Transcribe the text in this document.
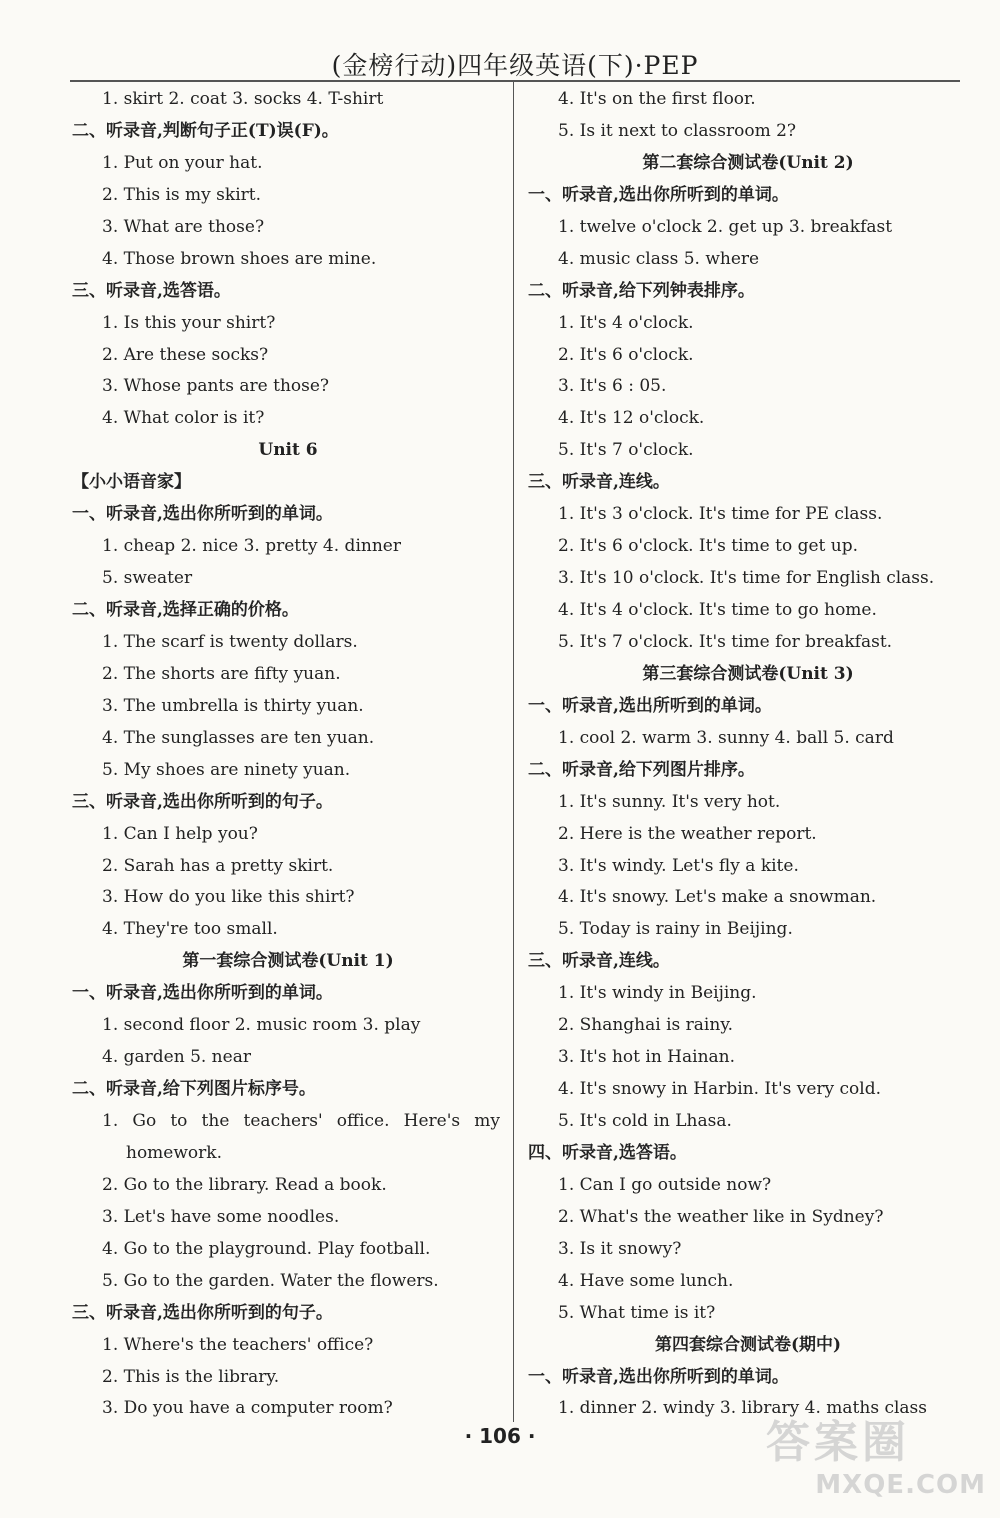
(金榜行动)四年级英语(下)·PEP
1. skirt 2. coat 3. socks 4. T-shirt
二、听录音,判断句子正(T)误(F)。
1. Put on your hat.
2. This is my skirt.
3. What are those?
4. Those brown shoes are mine.
三、听录音,选答语。
1. Is this your shirt?
2. Are these socks?
3. Whose pants are those?
4. What color is it?
Unit 6
【小小语音家】
一、听录音,选出你所听到的单词。
1. cheap 2. nice 3. pretty 4. dinner
5. sweater
二、听录音,选择正确的价格。
1. The scarf is twenty dollars.
2. The shorts are fifty yuan.
3. The umbrella is thirty yuan.
4. The sunglasses are ten yuan.
5. My shoes are ninety yuan.
三、听录音,选出你所听到的句子。
1. Can I help you?
2. Sarah has a pretty skirt.
3. How do you like this shirt?
4. They're too small.
第一套综合测试卷(Unit 1)
一、听录音,选出你所听到的单词。
1. second floor 2. music room 3. play
4. garden 5. near
二、听录音,给下列图片标序号。
1. Go to the teachers' office. Here's my
homework.
2. Go to the library. Read a book.
3. Let's have some noodles.
4. Go to the playground. Play football.
5. Go to the garden. Water the flowers.
三、听录音,选出你所听到的句子。
1. Where's the teachers' office?
2. This is the library.
3. Do you have a computer room?
4. It's on the first floor.
5. Is it next to classroom 2?
第二套综合测试卷(Unit 2)
一、听录音,选出你所听到的单词。
1. twelve o'clock 2. get up 3. breakfast
4. music class 5. where
二、听录音,给下列钟表排序。
1. It's 4 o'clock.
2. It's 6 o'clock.
3. It's 6 : 05.
4. It's 12 o'clock.
5. It's 7 o'clock.
三、听录音,连线。
1. It's 3 o'clock. It's time for PE class.
2. It's 6 o'clock. It's time to get up.
3. It's 10 o'clock. It's time for English class.
4. It's 4 o'clock. It's time to go home.
5. It's 7 o'clock. It's time for breakfast.
第三套综合测试卷(Unit 3)
一、听录音,选出所听到的单词。
1. cool 2. warm 3. sunny 4. ball 5. card
二、听录音,给下列图片排序。
1. It's sunny. It's very hot.
2. Here is the weather report.
3. It's windy. Let's fly a kite.
4. It's snowy. Let's make a snowman.
5. Today is rainy in Beijing.
三、听录音,连线。
1. It's windy in Beijing.
2. Shanghai is rainy.
3. It's hot in Hainan.
4. It's snowy in Harbin. It's very cold.
5. It's cold in Lhasa.
四、听录音,选答语。
1. Can I go outside now?
2. What's the weather like in Sydney?
3. Is it snowy?
4. Have some lunch.
5. What time is it?
第四套综合测试卷(期中)
一、听录音,选出你所听到的单词。
1. dinner 2. windy 3. library 4. maths class
· 106 ·	答案圈
MXQE.COM
